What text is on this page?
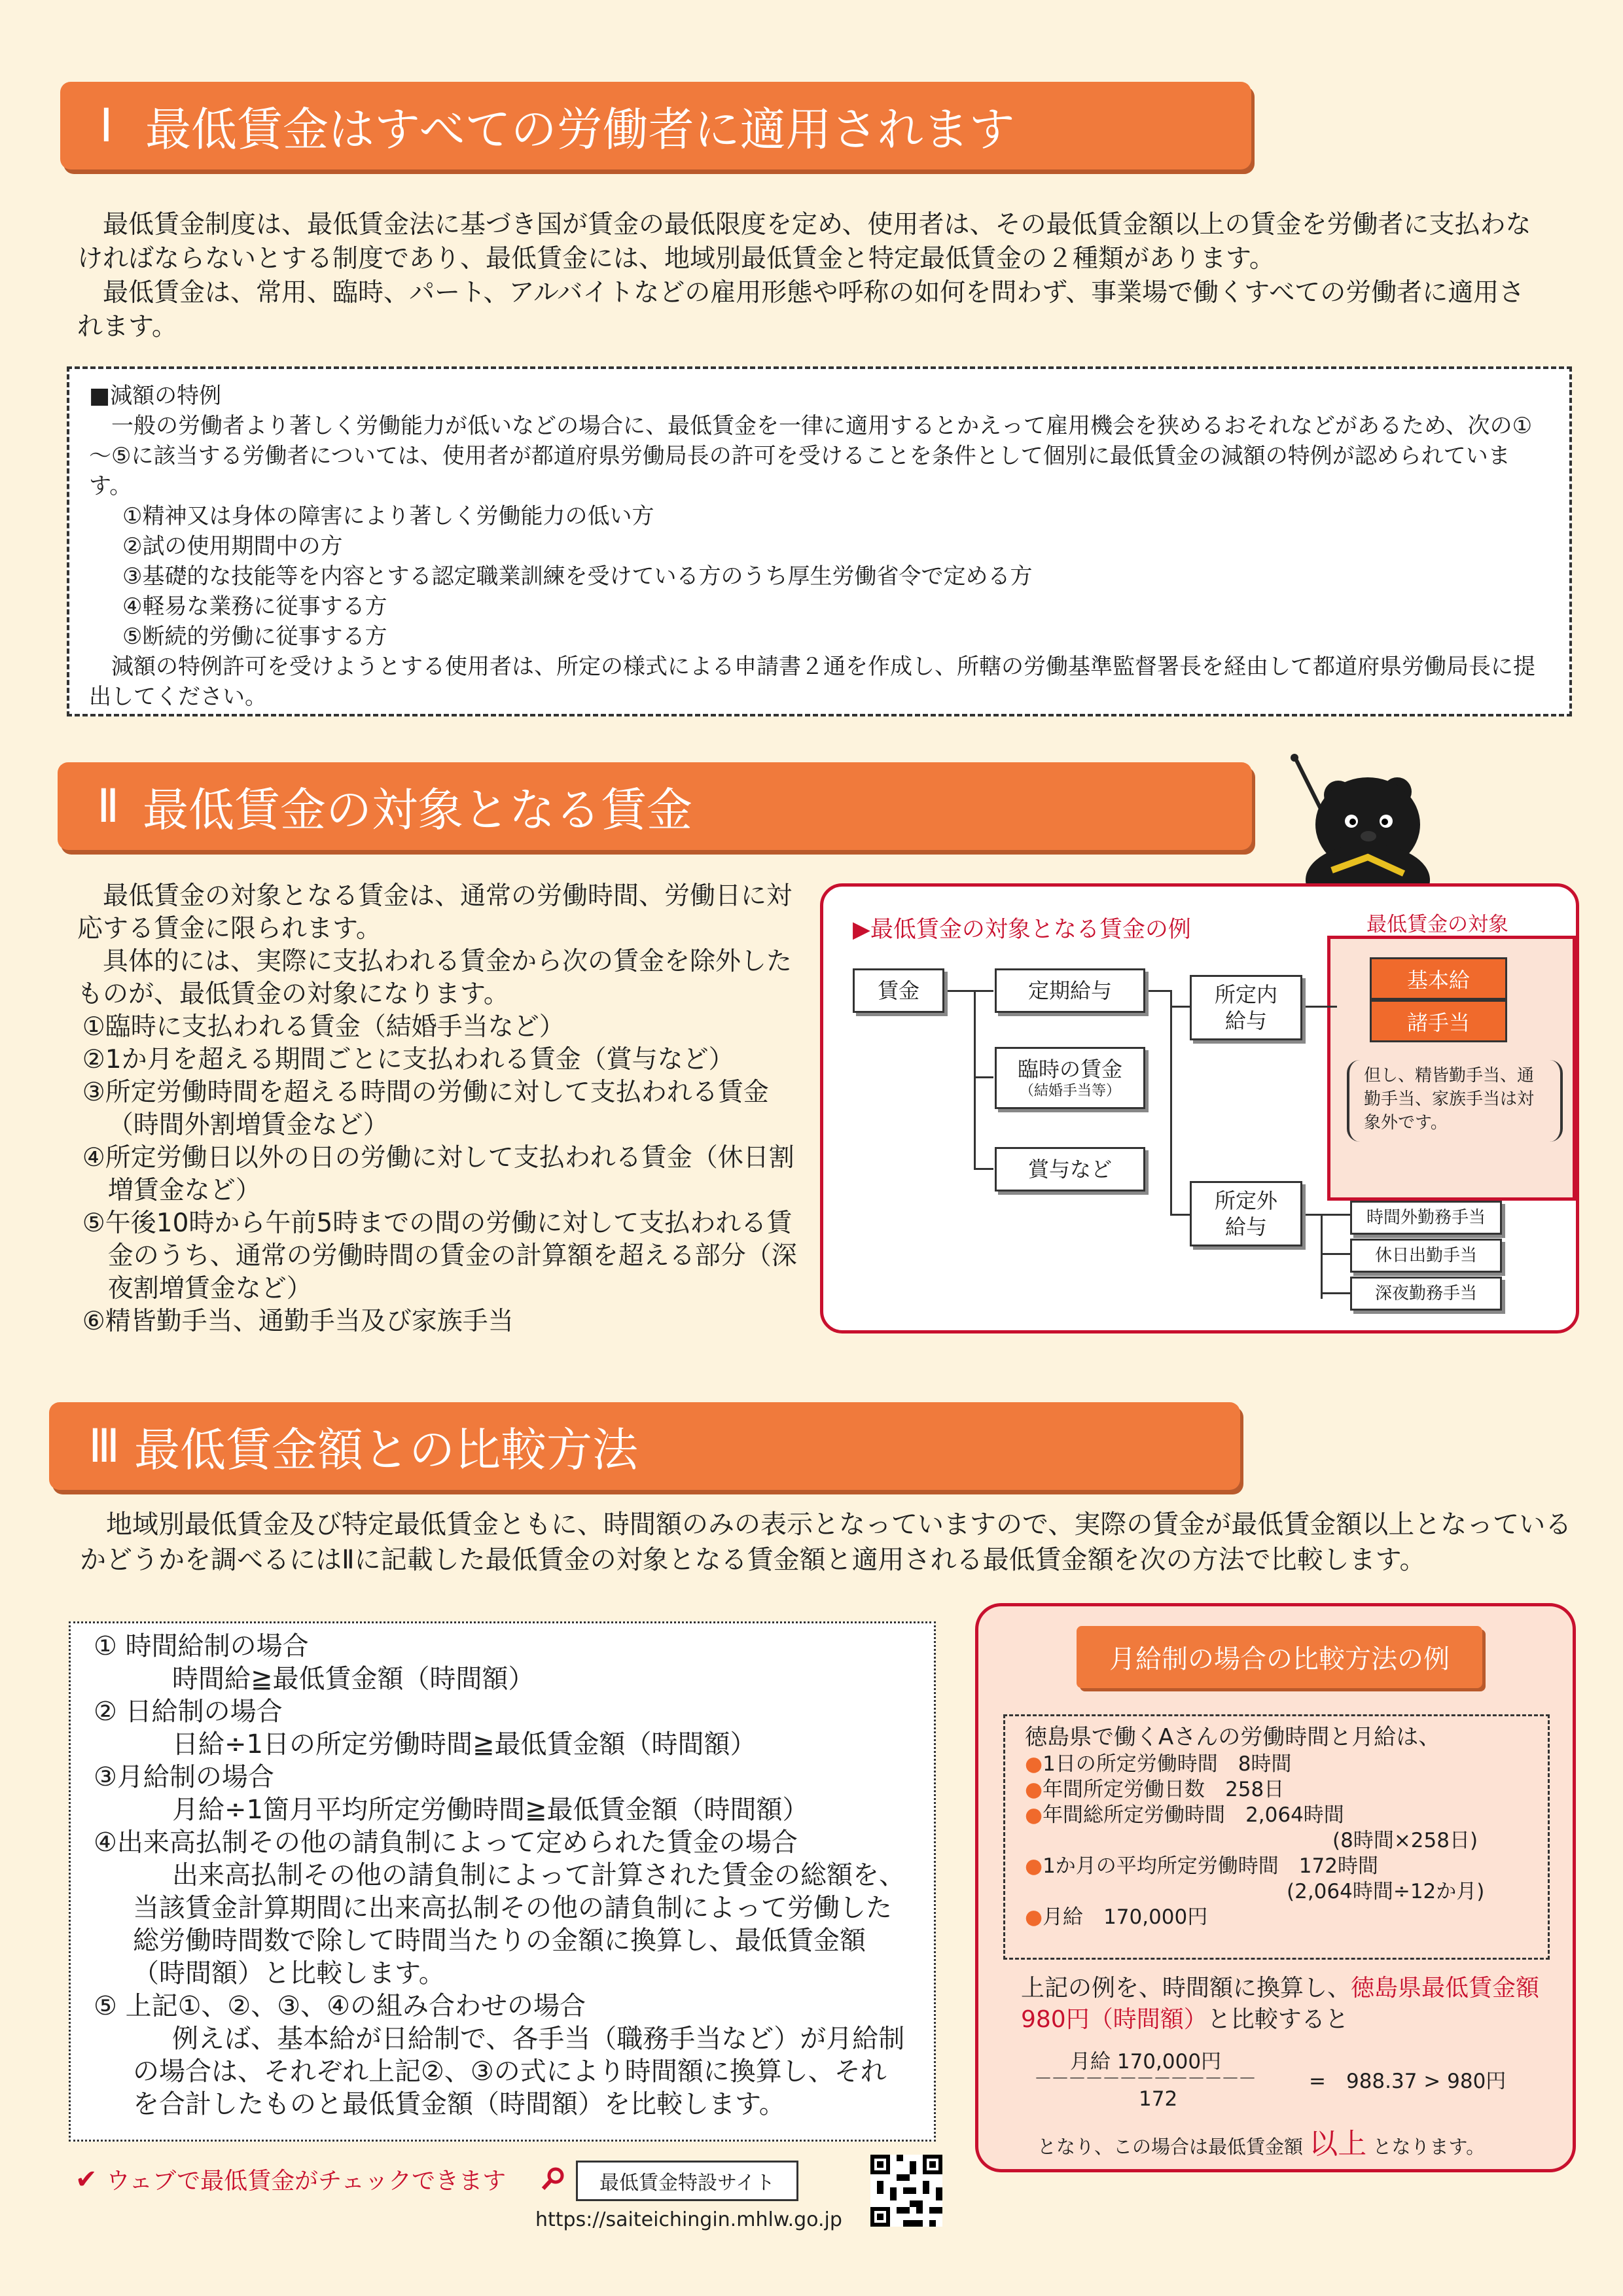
Ⅰ 最低賃金はすべての労働者に適用されます

最低賃金制度は、最低賃金法に基づき国が賃金の最低限度を定め、使用者は、その最低賃金額以上の賃金を労働者に支払わなければならないとする制度であり、最低賃金には、地域別最低賃金と特定最低賃金の２種類があります。

最低賃金は、常用、臨時、パート、アルバイトなどの雇用形態や呼称の如何を問わず、事業場で働くすべての労働者に適用されます。

■減額の特例
一般の労働者より著しく労働能力が低いなどの場合に、最低賃金を一律に適用するとかえって雇用機会を狭めるおそれなどがあるため、次の①～⑤に該当する労働者については、使用者が都道府県労働局長の許可を受けることを条件として個別に最低賃金の減額の特例が認められています。
①精神又は身体の障害により著しく労働能力の低い方
②試の使用期間中の方
③基礎的な技能等を内容とする認定職業訓練を受けている方のうち厚生労働省令で定める方
④軽易な業務に従事する方
⑤断続的労働に従事する方
減額の特例許可を受けようとする使用者は、所定の様式による申請書２通を作成し、所轄の労働基準監督署長を経由して都道府県労働局長に提出してください。
Ⅱ 最低賃金の対象となる賃金

最低賃金の対象となる賃金は、通常の労働時間、労働日に対応する賃金に限られます。

具体的には、実際に支払われる賃金から次の賃金を除外したものが、最低賃金の対象になります。

①臨時に支払われる賃金（結婚手当など）
②1か月を超える期間ごとに支払われる賃金（賞与など）
③所定労働時間を超える時間の労働に対して支払われる賃金（時間外割増賃金など）
④所定労働日以外の日の労働に対して支払われる賃金（休日割増賃金など）
⑤午後10時から午前5時までの間の労働に対して支払われる賃金のうち、通常の労働時間の賃金の計算額を超える部分（深夜割増賃金など）
⑥精皆勤手当、通勤手当及び家族手当
▶最低賃金の対象となる賃金の例	最低賃金の対象
賃金	定期給与
臨時の賃金
（結婚手当等）
賞与など
所定内
給与
所定外
給与
基本給
諸手当
但し、精皆勤手当、通勤手当、家族手当は対象外です。
時間外勤務手当
休日出勤手当
深夜勤務手当
Ⅲ 最低賃金額との比較方法

地域別最低賃金及び特定最低賃金ともに、時間額のみの表示となっていますので、実際の賃金が最低賃金額以上となっているかどうかを調べるにはⅡに記載した最低賃金の対象となる賃金額と適用される最低賃金額を次の方法で比較します。

① 時間給制の場合
時間給≧最低賃金額（時間額）
② 日給制の場合
日給÷1日の所定労働時間≧最低賃金額（時間額）
③月給制の場合
月給÷1箇月平均所定労働時間≧最低賃金額（時間額）
④出来高払制その他の請負制によって定められた賃金の場合
出来高払制その他の請負制によって計算された賃金の総額を、当該賃金計算期間に出来高払制その他の請負制によって労働した総労働時間数で除して時間当たりの金額に換算し、最低賃金額（時間額）と比較します。
⑤ 上記①、②、③、④の組み合わせの場合
例えば、基本給が日給制で、各手当（職務手当など）が月給制の場合は、それぞれ上記②、③の式により時間額に換算し、それを合計したものと最低賃金額（時間額）を比較します。
月給制の場合の比較方法の例
徳島県で働くAさんの労働時間と月給は、
●1日の所定労働時間　 8時間
●年間所定労働日数　 258日
●年間総所定労働時間　 2,064時間
(8時間×258日)
●1か月の平均所定労働時間　 172時間
(2,064時間÷12か月)
●月給　 170,000円
上記の例を、時間額に換算し、徳島県最低賃金額
980円（時間額）と比較すると
月給 170,000円
－－－－－－－－－－－－－	=　988.37 > 980円
172
となり、この場合は最低賃金額 以上 となります。
✔ ウェブで最低賃金がチェックできます	最低賃金特設サイト
https://saiteichingin.mhlw.go.jp
